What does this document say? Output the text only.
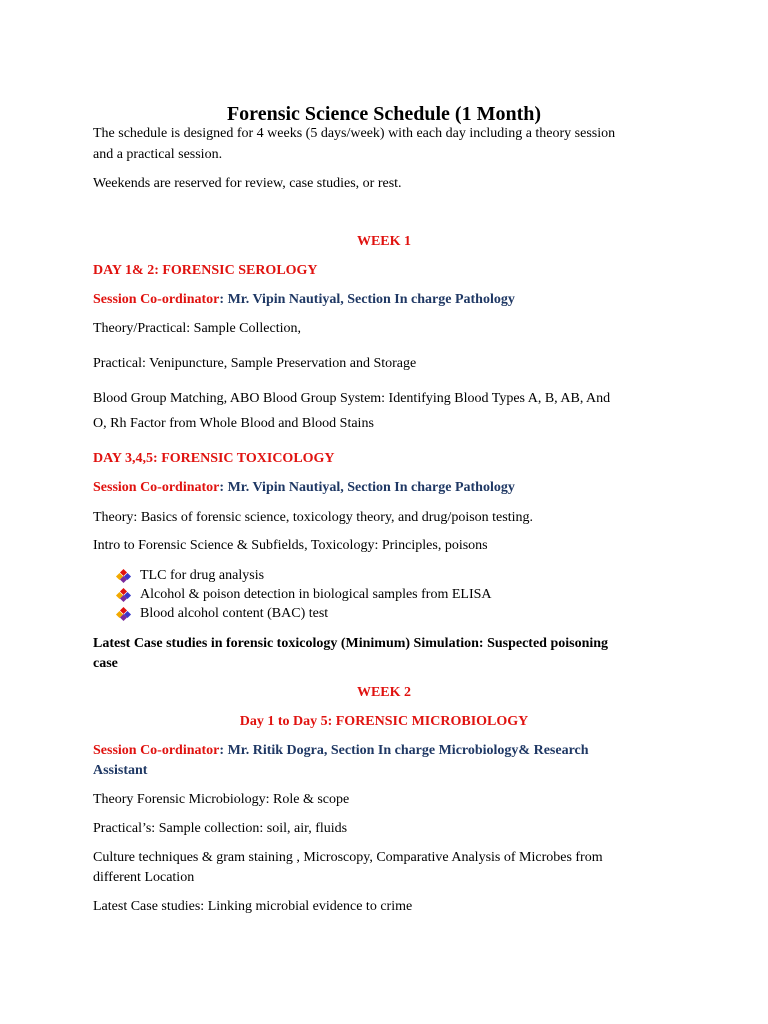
Forensic Science Schedule (1 Month)

The schedule is designed for 4 weeks (5 days/week) with each day including a theory session

and a practical session.

Weekends are reserved for review, case studies, or rest.

WEEK 1

DAY 1& 2: FORENSIC SEROLOGY

Session Co-ordinator: Mr. Vipin Nautiyal, Section In charge Pathology

Theory/Practical: Sample Collection,

Practical: Venipuncture, Sample Preservation and Storage

Blood Group Matching, ABO Blood Group System: Identifying Blood Types A, B, AB, And

O, Rh Factor from Whole Blood and Blood Stains

DAY 3,4,5: FORENSIC TOXICOLOGY

Session Co-ordinator: Mr. Vipin Nautiyal, Section In charge Pathology

Theory: Basics of forensic science, toxicology theory, and drug/poison testing.

Intro to Forensic Science & Subfields, Toxicology: Principles, poisons

TLC for drug analysis

Alcohol & poison detection in biological samples from ELISA

Blood alcohol content (BAC) test

Latest Case studies in forensic toxicology (Minimum) Simulation: Suspected poisoning

case

WEEK 2

Day 1 to Day 5: FORENSIC MICROBIOLOGY

Session Co-ordinator: Mr. Ritik Dogra, Section In charge Microbiology& Research

Assistant

Theory Forensic Microbiology: Role & scope

Practical’s: Sample collection: soil, air, fluids

Culture techniques & gram staining , Microscopy, Comparative Analysis of Microbes from

different Location

Latest Case studies: Linking microbial evidence to crime
